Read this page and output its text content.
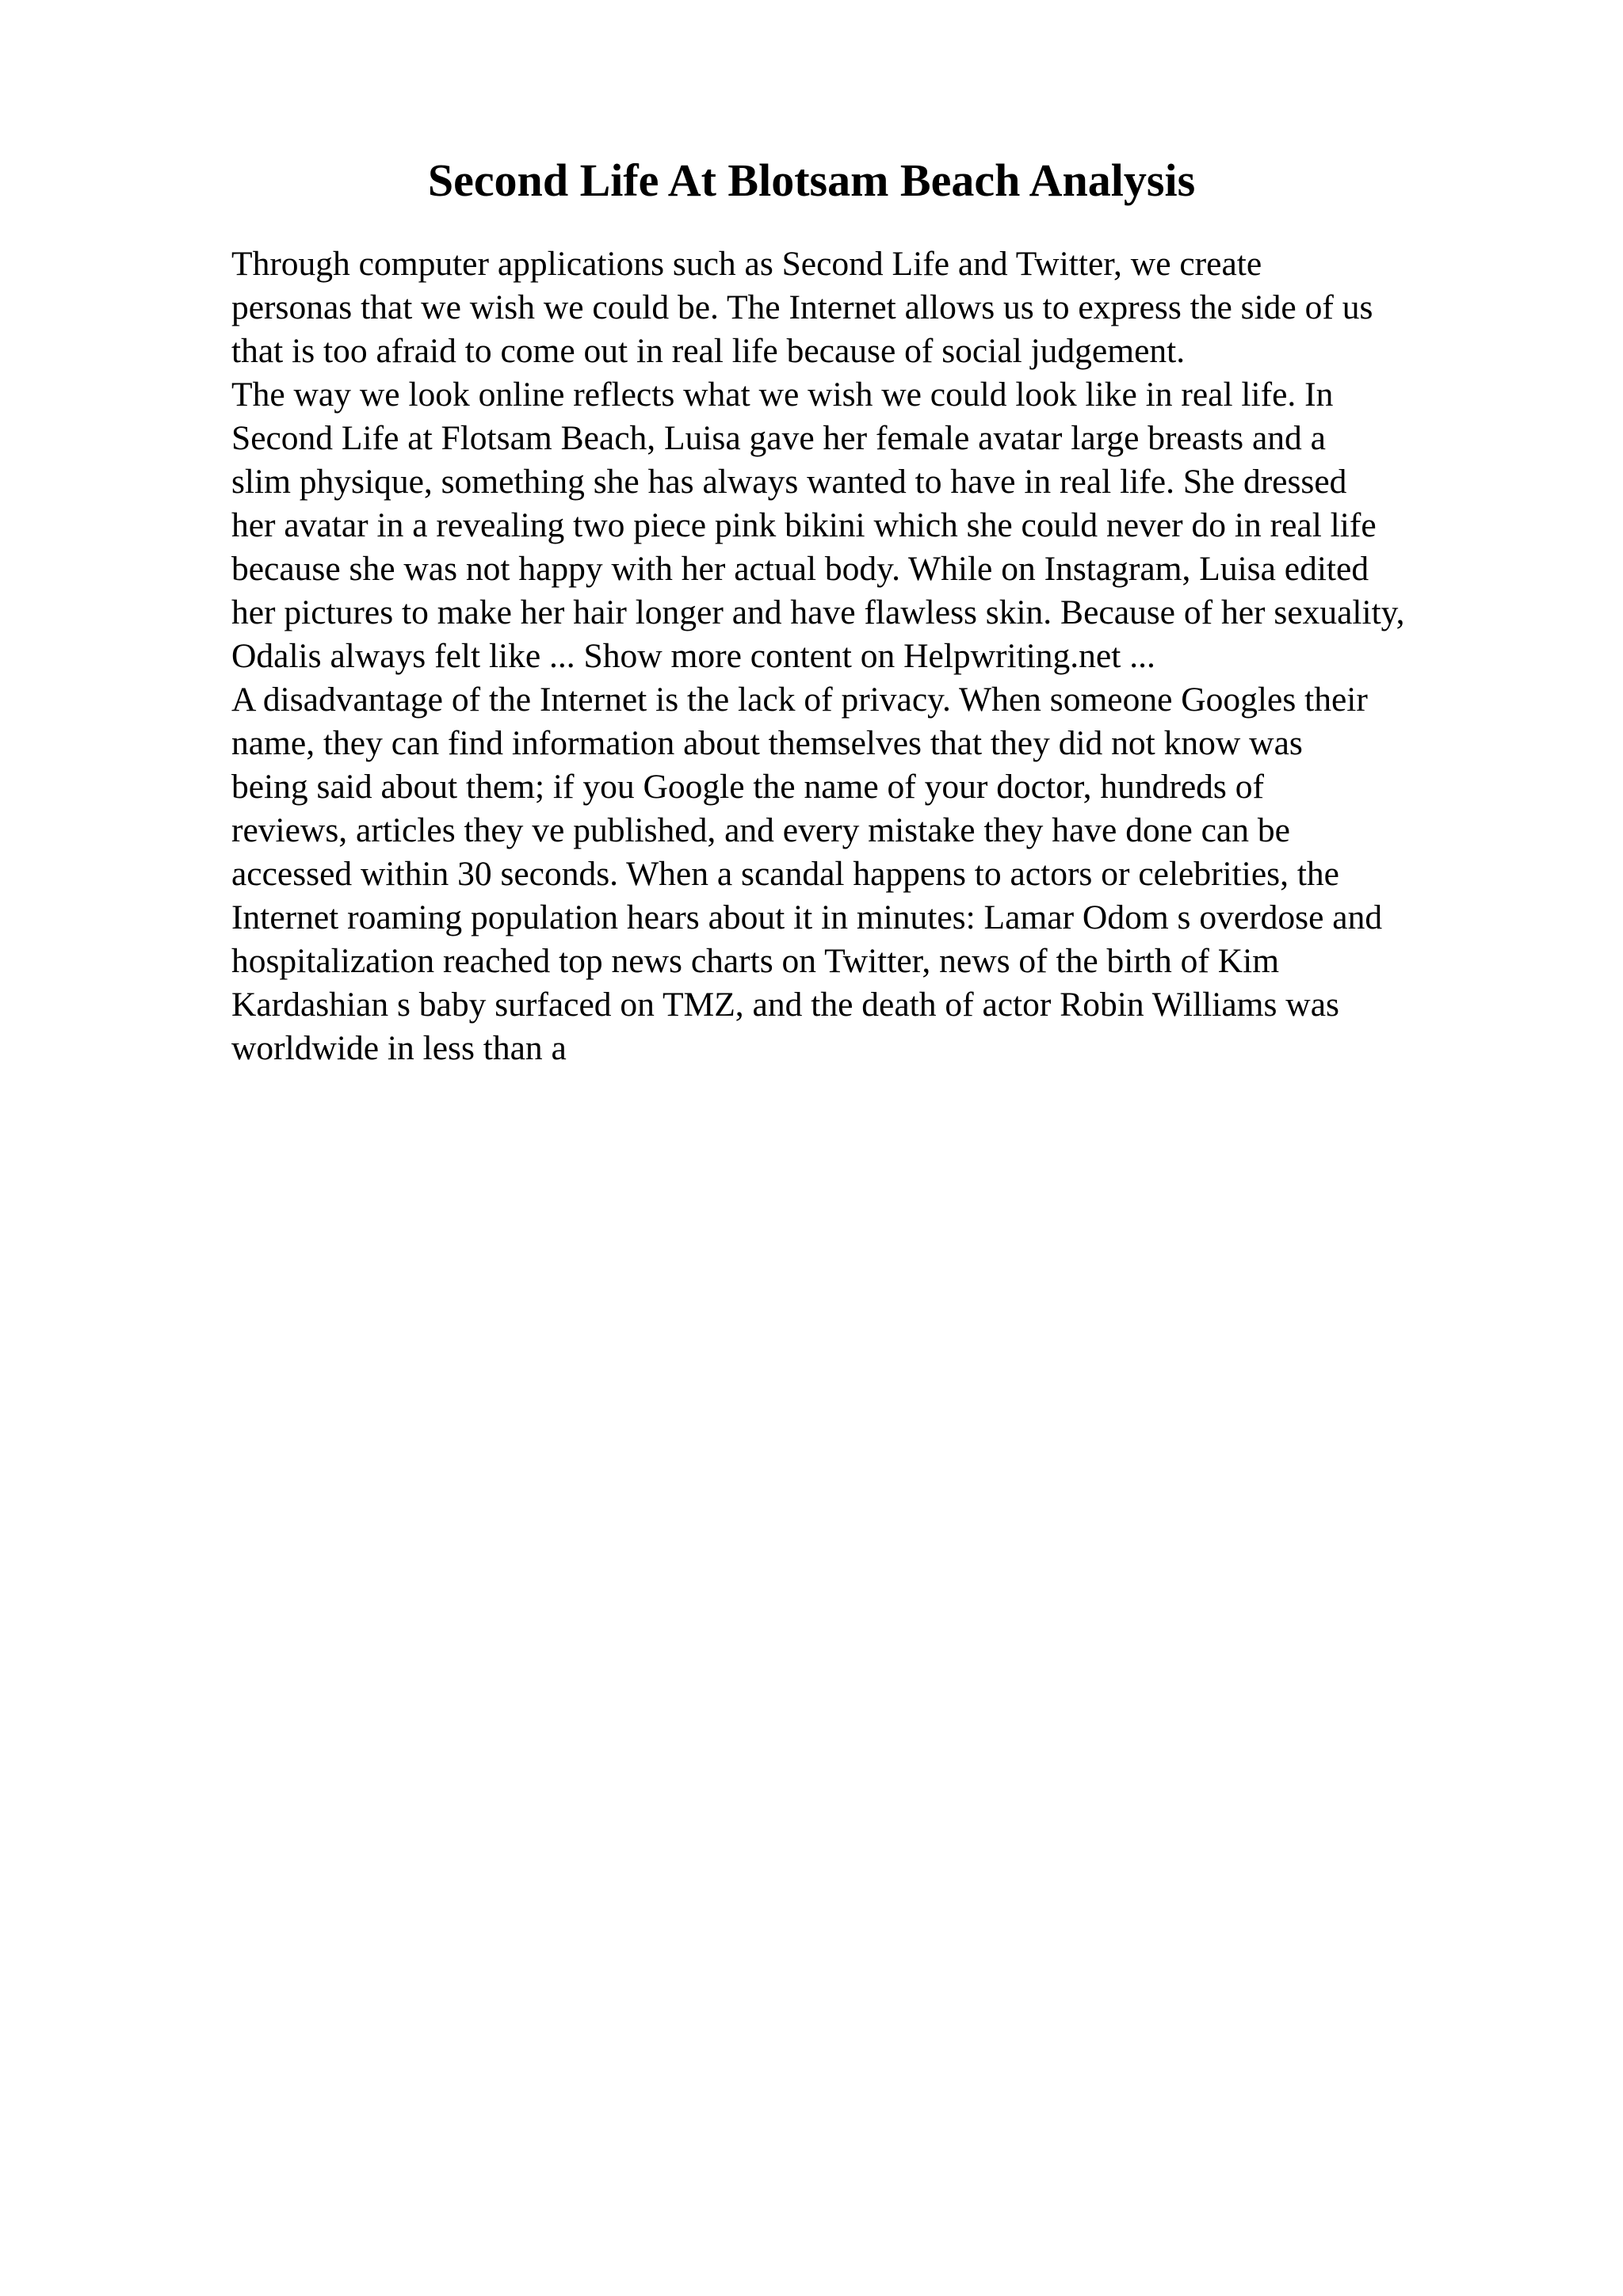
Second Life At Blotsam Beach Analysis
Through computer applications such as Second Life and Twitter, we create
personas that we wish we could be. The Internet allows us to express the side of us
that is too afraid to come out in real life because of social judgement.
The way we look online reflects what we wish we could look like in real life. In
Second Life at Flotsam Beach, Luisa gave her female avatar large breasts and a
slim physique, something she has always wanted to have in real life. She dressed
her avatar in a revealing two piece pink bikini which she could never do in real life
because she was not happy with her actual body. While on Instagram, Luisa edited
her pictures to make her hair longer and have flawless skin. Because of her sexuality,
Odalis always felt like ... Show more content on Helpwriting.net ...
A disadvantage of the Internet is the lack of privacy. When someone Googles their
name, they can find information about themselves that they did not know was
being said about them; if you Google the name of your doctor, hundreds of
reviews, articles they ve published, and every mistake they have done can be
accessed within 30 seconds. When a scandal happens to actors or celebrities, the
Internet roaming population hears about it in minutes: Lamar Odom s overdose and
hospitalization reached top news charts on Twitter, news of the birth of Kim
Kardashian s baby surfaced on TMZ, and the death of actor Robin Williams was
worldwide in less than a
